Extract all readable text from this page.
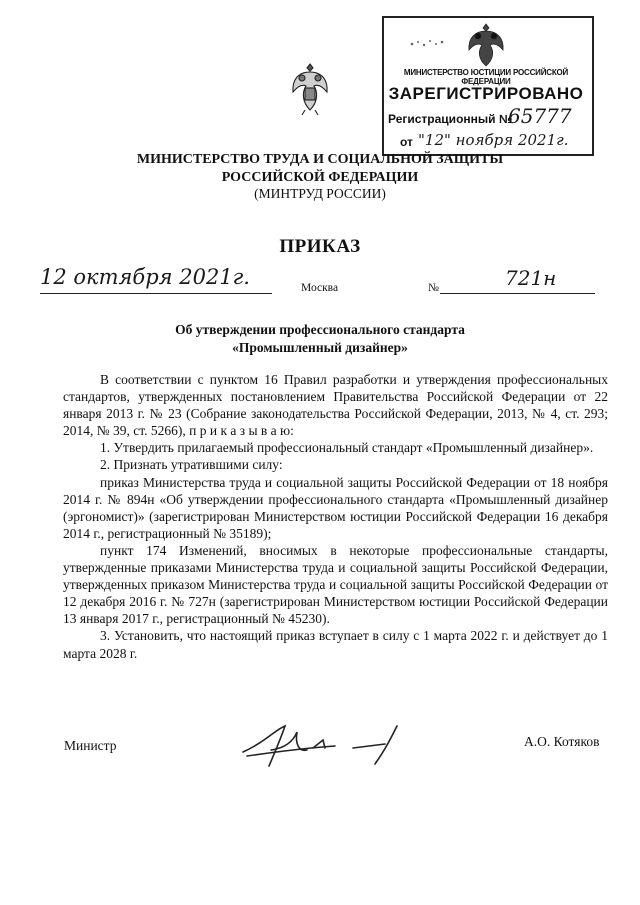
МИНИСТЕРСТВО ЮСТИЦИИ РОССИЙСКОЙ ФЕДЕРАЦИИ
ЗАРЕГИСТРИРОВАНО
Регистрационный №
65777
от "12" ноября 2021г.
МИНИСТЕРСТВО ТРУДА И СОЦИАЛЬНОЙ ЗАЩИТЫ
РОССИЙСКОЙ ФЕДЕРАЦИИ
(МИНТРУД РОССИИ)
ПРИКАЗ
12 октября 2021г.	Москва	№	721н
Об утверждении профессионального стандарта
«Промышленный дизайнер»

В соответствии с пунктом 16 Правил разработки и утверждения профессиональных стандартов, утвержденных постановлением Правительства Российской Федерации от 22 января 2013 г. № 23 (Собрание законодательства Российской Федерации, 2013, № 4, ст. 293; 2014, № 39, ст. 5266), п р и к а з ы в а ю:

1. Утвердить прилагаемый профессиональный стандарт «Промышленный дизайнер».

2. Признать утратившими силу:

приказ Министерства труда и социальной защиты Российской Федерации от 18 ноября 2014 г. № 894н «Об утверждении профессионального стандарта «Промышленный дизайнер (эргономист)» (зарегистрирован Министерством юстиции Российской Федерации 16 декабря 2014 г., регистрационный № 35189);

пункт 174 Изменений, вносимых в некоторые профессиональные стандарты, утвержденные приказами Министерства труда и социальной защиты Российской Федерации, утвержденных приказом Министерства труда и социальной защиты Российской Федерации от 12 декабря 2016 г. № 727н (зарегистрирован Министерством юстиции Российской Федерации 13 января 2017 г., регистрационный № 45230).

3. Установить, что настоящий приказ вступает в силу с 1 марта 2022 г. и действует до 1 марта 2028 г.

Министр	А.О. Котяков
